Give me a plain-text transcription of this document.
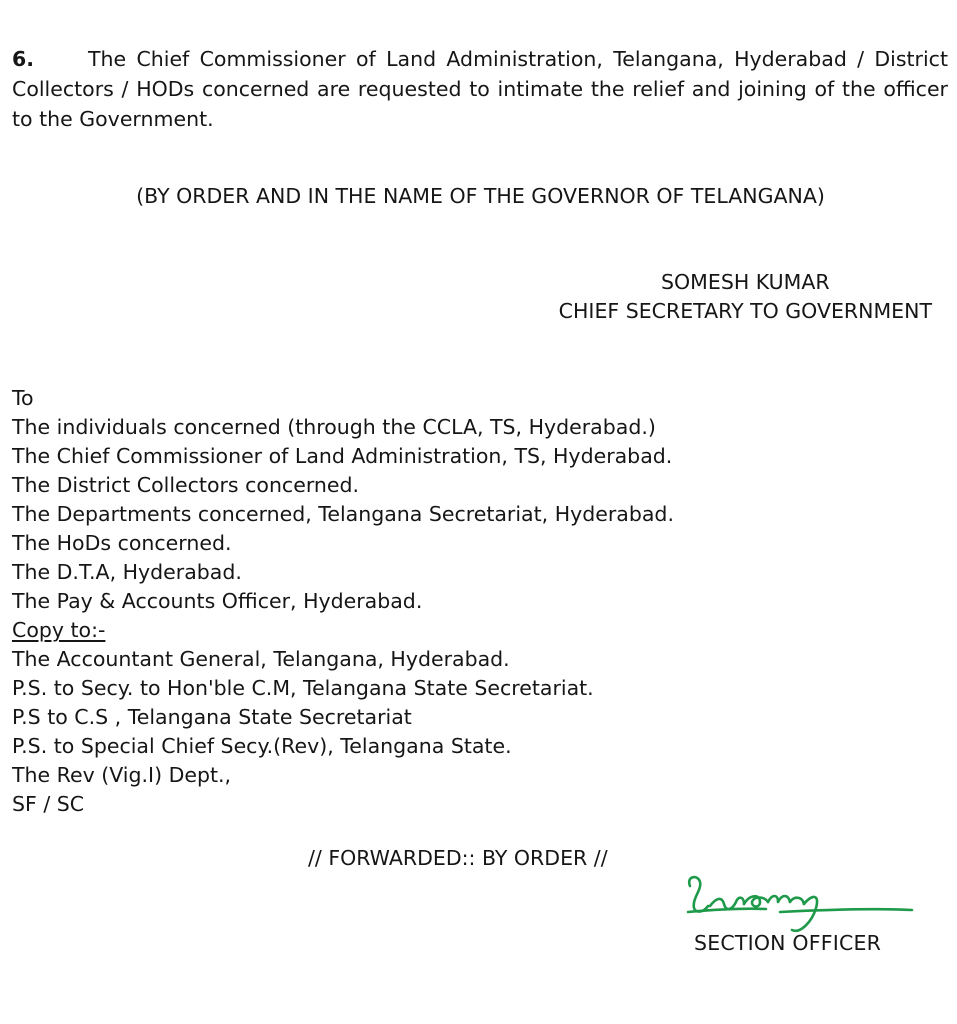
6.	The Chief Commissioner of Land Administration, Telangana, Hyderabad / District Collectors / HODs concerned are requested to intimate the relief and joining of the officer to the Government.
(BY ORDER AND IN THE NAME OF THE GOVERNOR OF TELANGANA)
SOMESH KUMAR
CHIEF SECRETARY TO GOVERNMENT
To
The individuals concerned (through the CCLA, TS, Hyderabad.)
The Chief Commissioner of Land Administration, TS, Hyderabad.
The District Collectors concerned.
The Departments concerned, Telangana Secretariat, Hyderabad.
The HoDs concerned.
The D.T.A, Hyderabad.
The Pay & Accounts Officer, Hyderabad.
Copy to:-
The Accountant General, Telangana, Hyderabad.
P.S. to Secy. to Hon'ble C.M, Telangana State Secretariat.
P.S to C.S , Telangana State Secretariat
P.S. to Special Chief Secy.(Rev), Telangana State.
The Rev (Vig.I) Dept.,
SF / SC
// FORWARDED:: BY ORDER //
SECTION OFFICER
